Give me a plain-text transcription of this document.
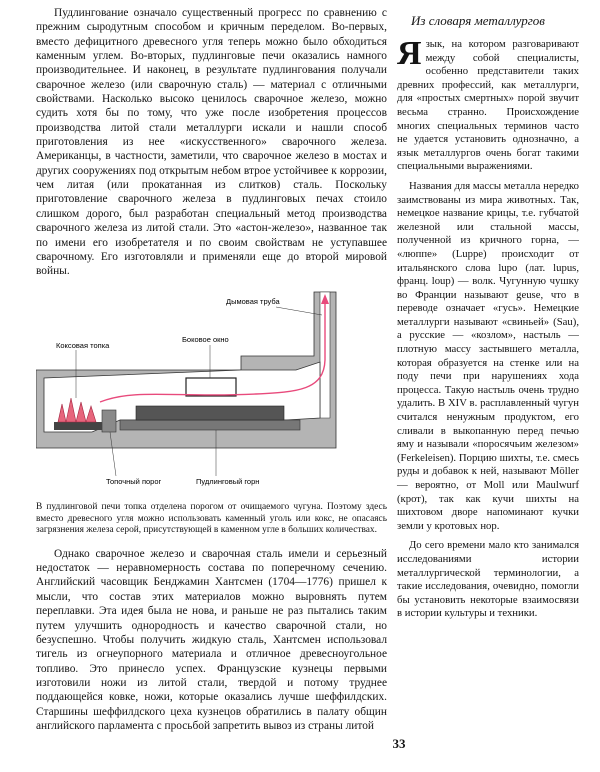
Пудлингование означало существенный прогресс по сравнению с прежним сыродутным способом и кричным переделом. Во-первых, вместо дефицитного древесного угля теперь можно было обходиться каменным углем. Во-вторых, пудлинговые печи оказались намного производительнее. И наконец, в результате пудлингования получали сварочное железо (или сварочную сталь) — материал с отличными свойствами. Насколько высоко ценилось сварочное железо, можно судить хотя бы по тому, что уже после изобретения процессов производства литой стали металлурги искали и нашли способ приготовления из нее «искусственного» сварочного железа. Американцы, в частности, заметили, что сварочное железо в мостах и других сооружениях под открытым небом втрое устойчивее к коррозии, чем литая (или прокатанная из слитков) сталь. Поскольку приготовление сварочного железа в пудлинговых печах стоило слишком дорого, был разработан специальный метод производства сварочного железа из литой стали. Это «астон-железо», названное так по имени его изобретателя и по своим свойствам не уступавшее сварочному. Его изготовляли и применяли еще до второй мировой войны.

Дымовая труба
Коксовая топка
Боковое окно
Топочный порог	Пудлинговый горн

В пудлинговой печи топка отделена порогом от очищаемого чугуна. Поэтому здесь вместо древесного угля можно использовать каменный уголь или кокс, не опасаясь загрязнения железа серой, присутствующей в каменном угле в больших количествах.

Однако сварочное железо и сварочная сталь имели и серьезный недостаток — неравномерность состава по поперечному сечению. Английский часовщик Бенджамин Хантсмен (1704—1776) пришел к мысли, что состав этих материалов можно выровнять путем переплавки. Эта идея была не нова, и раньше не раз пытались таким путем улучшить однородность и качество сварочной стали, но безуспешно. Чтобы получить жидкую сталь, Хантсмен использовал тигель из огнеупорного материала и отличное древесноугольное топливо. Это принесло успех. Французские кузнецы первыми изготовили ножи из литой стали, твердой и потому труднее поддающейся ковке, ножи, которые оказались лучше шеффилдских. Старшины шеффилдского цеха кузнецов обратились в палату общин английского парламента с просьбой запретить вывоз из страны литой

Из словаря металлургов

Язык, на котором разговаривают между собой специалисты, особенно представители таких древних профессий, как металлурги, для «простых смертных» порой звучит весьма странно. Происхождение многих специальных терминов часто не удается установить однозначно, а язык металлургов очень богат такими специальными выражениями.

Названия для массы металла нередко заимствованы из мира животных. Так, немецкое название крицы, т.е. губчатой железной или стальной массы, полученной из кричного горна, — «люппе» (Luppe) происходит от итальянского слова lupo (лат. lupus, франц. loup) — волк. Чугунную чушку во Франции называют geuse, что в переводе означает «гусь». Немецкие металлурги называют «свиньей» (Sau), а русские — «козлом», настыль — плотную массу застывшего металла, которая образуется на стенке или на поду печи при нарушениях хода процесса. Такую настыль очень трудно удалить. В XIV в. расплавленный чугун считался ненужным продуктом, его сливали в выкопанную перед печью яму и называли «поросячьим железом» (Ferkeleisen). Порцию шихты, т.е. смесь руды и добавок к ней, называют Möller — вероятно, от Moll или Maulwurf (крот), так как кучи шихты на шихтовом дворе напоминают кучки земли у кротовых нор.

До сего времени мало кто занимался исследованиями истории металлургической терминологии, а такие исследования, очевидно, помогли бы установить некоторые взаимосвязи в истории культуры и техники.

33
